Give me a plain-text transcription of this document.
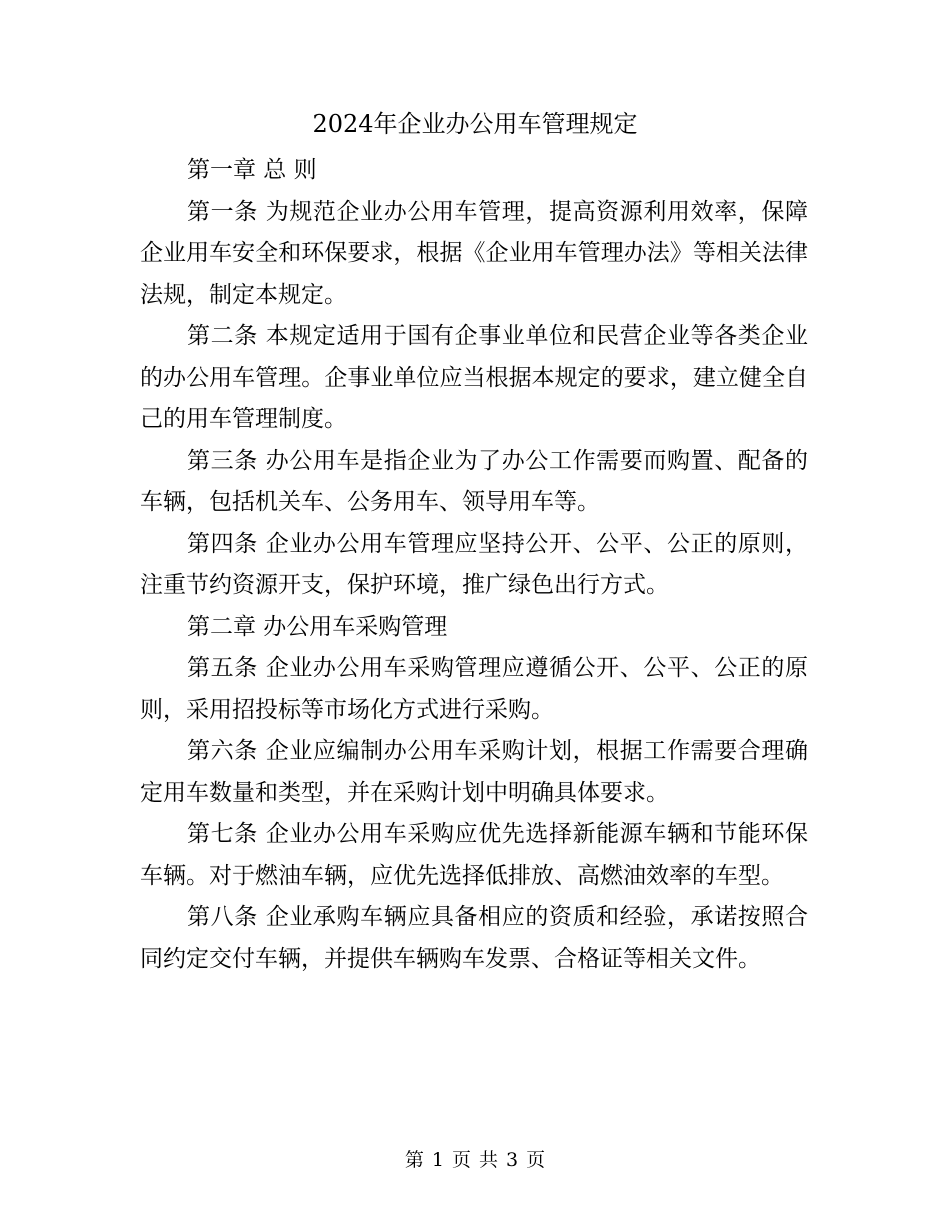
2024年企业办公用车管理规定

第一章 总 则

第一条 为规范企业办公用车管理，提高资源利用效率，保障企业用车安全和环保要求，根据《企业用车管理办法》等相关法律法规，制定本规定。

第二条 本规定适用于国有企事业单位和民营企业等各类企业的办公用车管理。企事业单位应当根据本规定的要求，建立健全自己的用车管理制度。

第三条 办公用车是指企业为了办公工作需要而购置、配备的车辆，包括机关车、公务用车、领导用车等。

第四条 企业办公用车管理应坚持公开、公平、公正的原则，注重节约资源开支，保护环境，推广绿色出行方式。

第二章 办公用车采购管理

第五条 企业办公用车采购管理应遵循公开、公平、公正的原则，采用招投标等市场化方式进行采购。

第六条 企业应编制办公用车采购计划，根据工作需要合理确定用车数量和类型，并在采购计划中明确具体要求。

第七条 企业办公用车采购应优先选择新能源车辆和节能环保车辆。对于燃油车辆，应优先选择低排放、高燃油效率的车型。

第八条 企业承购车辆应具备相应的资质和经验，承诺按照合同约定交付车辆，并提供车辆购车发票、合格证等相关文件。

第 1 页 共 3 页
